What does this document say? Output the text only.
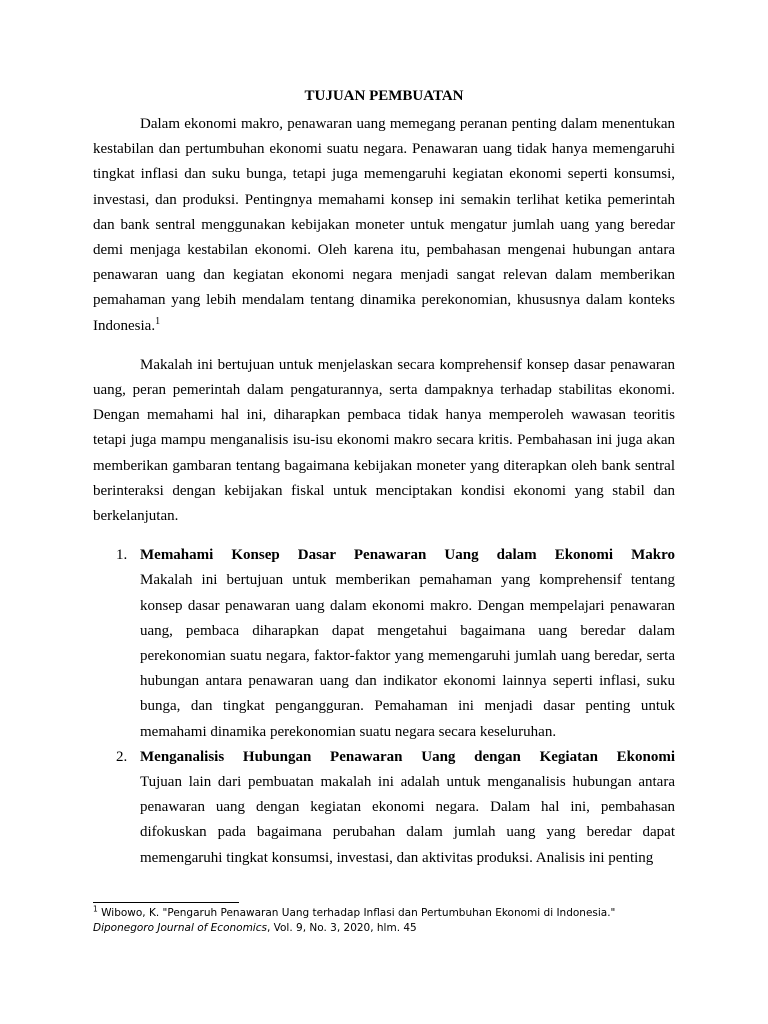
TUJUAN PEMBUATAN

Dalam ekonomi makro, penawaran uang memegang peranan penting dalam menentukan kestabilan dan pertumbuhan ekonomi suatu negara. Penawaran uang tidak hanya memengaruhi tingkat inflasi dan suku bunga, tetapi juga memengaruhi kegiatan ekonomi seperti konsumsi, investasi, dan produksi. Pentingnya memahami konsep ini semakin terlihat ketika pemerintah dan bank sentral menggunakan kebijakan moneter untuk mengatur jumlah uang yang beredar demi menjaga kestabilan ekonomi. Oleh karena itu, pembahasan mengenai hubungan antara penawaran uang dan kegiatan ekonomi negara menjadi sangat relevan dalam memberikan pemahaman yang lebih mendalam tentang dinamika perekonomian, khususnya dalam konteks Indonesia.$^1$

Makalah ini bertujuan untuk menjelaskan secara komprehensif konsep dasar penawaran uang, peran pemerintah dalam pengaturannya, serta dampaknya terhadap stabilitas ekonomi. Dengan memahami hal ini, diharapkan pembaca tidak hanya memperoleh wawasan teoritis tetapi juga mampu menganalisis isu-isu ekonomi makro secara kritis. Pembahasan ini juga akan memberikan gambaran tentang bagaimana kebijakan moneter yang diterapkan oleh bank sentral berinteraksi dengan kebijakan fiskal untuk menciptakan kondisi ekonomi yang stabil dan berkelanjutan.

1. Memahami Konsep Dasar Penawaran Uang dalam Ekonomi Makro
Makalah ini bertujuan untuk memberikan pemahaman yang komprehensif tentang konsep dasar penawaran uang dalam ekonomi makro. Dengan mempelajari penawaran uang, pembaca diharapkan dapat mengetahui bagaimana uang beredar dalam perekonomian suatu negara, faktor-faktor yang memengaruhi jumlah uang beredar, serta hubungan antara penawaran uang dan indikator ekonomi lainnya seperti inflasi, suku bunga, dan tingkat pengangguran. Pemahaman ini menjadi dasar penting untuk memahami dinamika perekonomian suatu negara secara keseluruhan.

2. Menganalisis Hubungan Penawaran Uang dengan Kegiatan Ekonomi
Tujuan lain dari pembuatan makalah ini adalah untuk menganalisis hubungan antara penawaran uang dengan kegiatan ekonomi negara. Dalam hal ini, pembahasan difokuskan pada bagaimana perubahan dalam jumlah uang yang beredar dapat memengaruhi tingkat konsumsi, investasi, dan aktivitas produksi. Analisis ini penting

$^1$ Wibowo, K. "Pengaruh Penawaran Uang terhadap Inflasi dan Pertumbuhan Ekonomi di Indonesia."
Diponegoro Journal of Economics, Vol. 9, No. 3, 2020, hlm. 45
